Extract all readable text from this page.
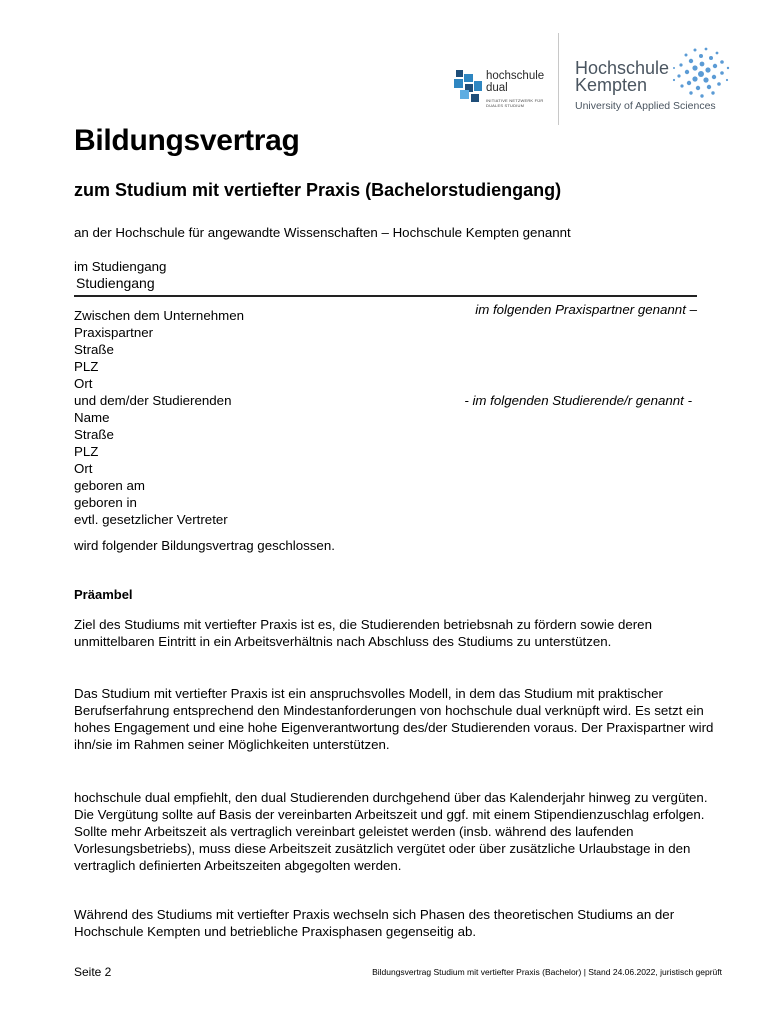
hochschule
dual
INITIATIVE NETZWERK FÜR DUALES STUDIUM
Hochschule
Kempten
University of Applied Sciences
Bildungsvertrag
zum Studium mit vertiefter Praxis (Bachelorstudiengang)
an der Hochschule für angewandte Wissenschaften – Hochschule Kempten genannt
im Studiengang
Studiengang
im folgenden Praxispartner genannt –
Zwischen dem Unternehmen
Praxispartner
Straße
PLZ
Ort
und dem/der Studierenden
Name
Straße
PLZ
Ort
geboren am
geboren in
evtl. gesetzlicher Vertreter
- im folgenden Studierende/r genannt -
wird folgender Bildungsvertrag geschlossen.
Präambel
Ziel des Studiums mit vertiefter Praxis ist es, die Studierenden betriebsnah zu fördern sowie deren unmittelbaren Eintritt in ein Arbeitsverhältnis nach Abschluss des Studiums zu unterstützen.
Das Studium mit vertiefter Praxis ist ein anspruchsvolles Modell, in dem das Studium mit praktischer Berufserfahrung entsprechend den Mindestanforderungen von hochschule dual verknüpft wird. Es setzt ein hohes Engagement und eine hohe Eigenverantwortung des/der Studierenden voraus. Der Praxispartner wird ihn/sie im Rahmen seiner Möglichkeiten unterstützen.
hochschule dual empfiehlt, den dual Studierenden durchgehend über das Kalenderjahr hinweg zu vergüten. Die Vergütung sollte auf Basis der vereinbarten Arbeitszeit und ggf. mit einem Stipendienzuschlag erfolgen. Sollte mehr Arbeitszeit als vertraglich vereinbart geleistet werden (insb. während des laufenden Vorlesungsbetriebs), muss diese Arbeitszeit zusätzlich vergütet oder über zusätzliche Urlaubstage in den vertraglich definierten Arbeitszeiten abgegolten werden.
Während des Studiums mit vertiefter Praxis wechseln sich Phasen des theoretischen Studiums an der Hochschule Kempten und betriebliche Praxisphasen gegenseitig ab.
Seite 2	Bildungsvertrag Studium mit vertiefter Praxis (Bachelor) | Stand 24.06.2022, juristisch geprüft
